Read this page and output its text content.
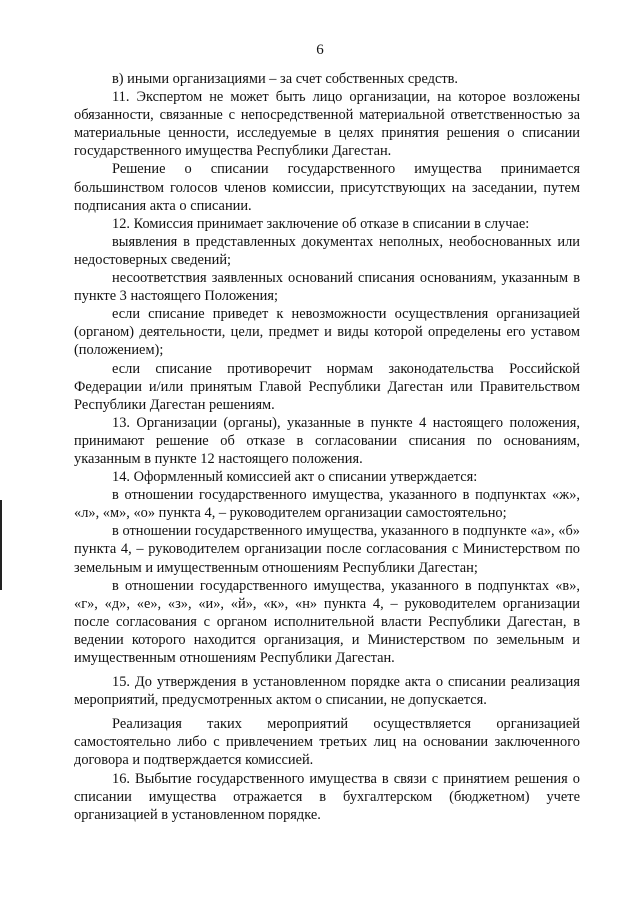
6

в) иными организациями – за счет собственных средств.

11. Экспертом не может быть лицо организации, на которое возложены обязанности, связанные с непосредственной материальной ответственностью за материальные ценности, исследуемые в целях принятия решения о списании государственного имущества Республики Дагестан.

Решение о списании государственного имущества принимается большинством голосов членов комиссии, присутствующих на заседании, путем подписания акта о списании.

12. Комиссия принимает заключение об отказе в списании в случае:

выявления в представленных документах неполных, необоснованных или недостоверных сведений;

несоответствия заявленных оснований списания основаниям, указанным в пункте 3 настоящего Положения;

если списание приведет к невозможности осуществления организацией (органом) деятельности, цели, предмет и виды которой определены его уставом (положением);

если списание противоречит нормам законодательства Российской Федерации и/или принятым Главой Республики Дагестан или Правительством Республики Дагестан решениям.

13. Организации (органы), указанные в пункте 4 настоящего положения, принимают решение об отказе в согласовании списания по основаниям, указанным в пункте 12 настоящего положения.

14. Оформленный комиссией акт о списании утверждается:

в отношении государственного имущества, указанного в подпунктах «ж», «л», «м», «о» пункта 4, – руководителем организации самостоятельно;

в отношении государственного имущества, указанного в подпункте «а», «б» пункта 4, – руководителем организации после согласования с Министерством по земельным и имущественным отношениям Республики Дагестан;

в отношении государственного имущества, указанного в подпунктах «в», «г», «д», «е», «з», «и», «й», «к», «н» пункта 4, – руководителем организации после согласования с органом исполнительной власти Республики Дагестан, в ведении которого находится организация, и Министерством по земельным и имущественным отношениям Республики Дагестан.

15. До утверждения в установленном порядке акта о списании реализация мероприятий, предусмотренных актом о списании, не допускается.

Реализация таких мероприятий осуществляется организацией самостоятельно либо с привлечением третьих лиц на основании заключенного договора и подтверждается комиссией.

16. Выбытие государственного имущества в связи с принятием решения о списании имущества отражается в бухгалтерском (бюджетном) учете организацией в установленном порядке.
